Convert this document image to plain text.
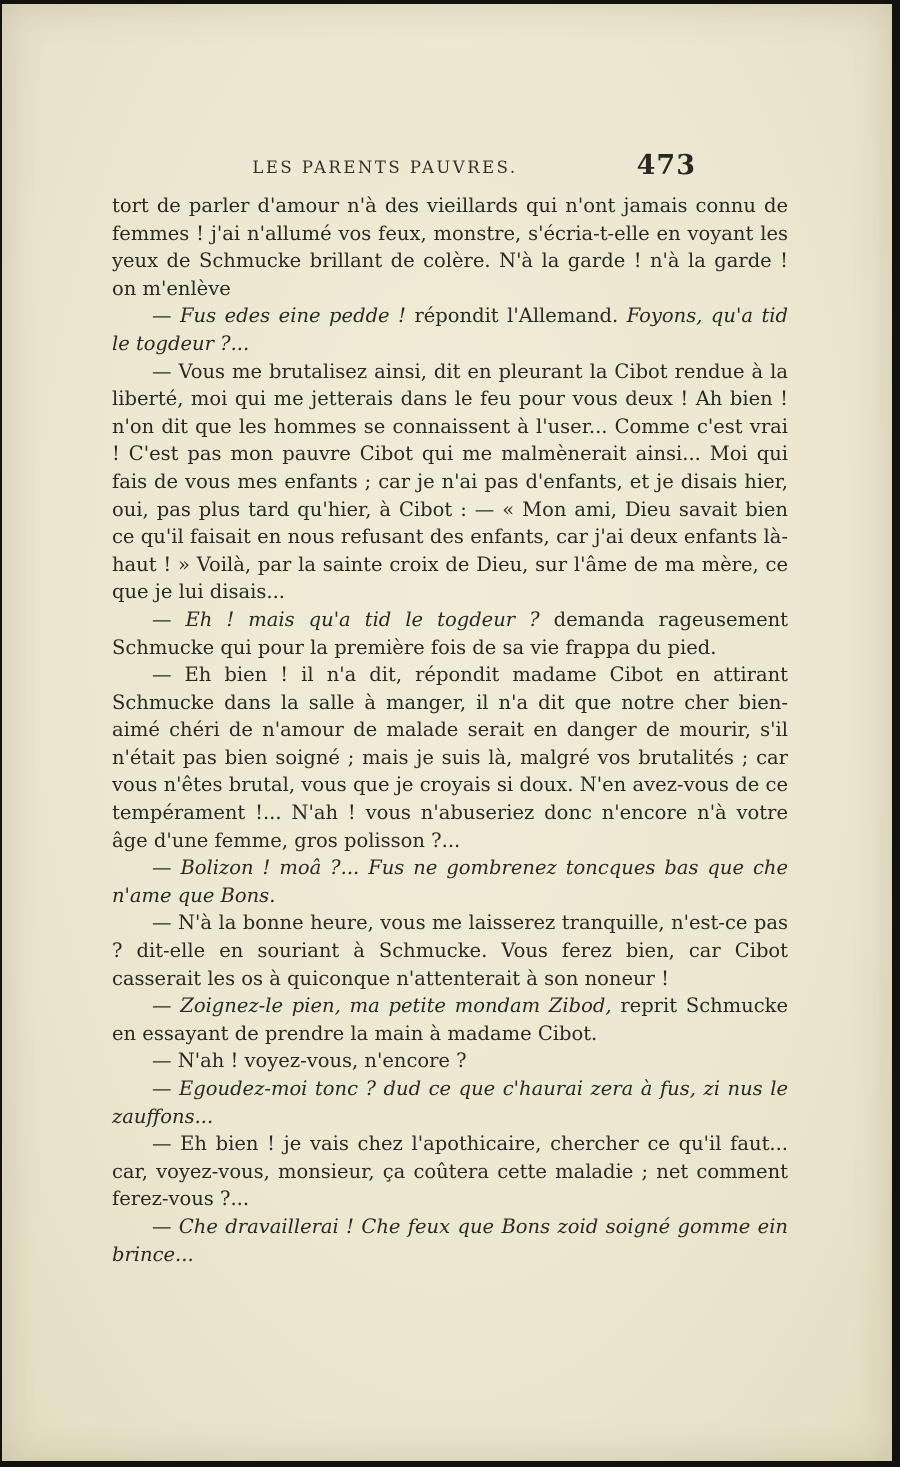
LES PARENTS PAUVRES.	473

tort de parler d'amour n'à des vieillards qui n'ont jamais connu de femmes ! j'ai n'allumé vos feux, monstre, s'écria-t-elle en voyant les yeux de Schmucke brillant de colère. N'à la garde ! n'à la garde ! on m'enlève

— Fus edes eine pedde ! répondit l'Allemand. Foyons, qu'a tid le togdeur ?...

— Vous me brutalisez ainsi, dit en pleurant la Cibot rendue à la liberté, moi qui me jetterais dans le feu pour vous deux ! Ah bien ! n'on dit que les hommes se connaissent à l'user... Comme c'est vrai ! C'est pas mon pauvre Cibot qui me malmènerait ainsi... Moi qui fais de vous mes enfants ; car je n'ai pas d'enfants, et je disais hier, oui, pas plus tard qu'hier, à Cibot : — « Mon ami, Dieu savait bien ce qu'il faisait en nous refusant des enfants, car j'ai deux enfants là-haut ! » Voilà, par la sainte croix de Dieu, sur l'âme de ma mère, ce que je lui disais...

— Eh ! mais qu'a tid le togdeur ? demanda rageusement Schmucke qui pour la première fois de sa vie frappa du pied.

— Eh bien ! il n'a dit, répondit madame Cibot en attirant Schmucke dans la salle à manger, il n'a dit que notre cher bien-aimé chéri de n'amour de malade serait en danger de mourir, s'il n'était pas bien soigné ; mais je suis là, malgré vos brutalités ; car vous n'êtes brutal, vous que je croyais si doux. N'en avez-vous de ce tempérament !... N'ah ! vous n'abuseriez donc n'encore n'à votre âge d'une femme, gros polisson ?...

— Bolizon ! moâ ?... Fus ne gombrenez toncques bas que che n'ame que Bons.

— N'à la bonne heure, vous me laisserez tranquille, n'est-ce pas ? dit-elle en souriant à Schmucke. Vous ferez bien, car Cibot casserait les os à quiconque n'attenterait à son noneur !

— Zoignez-le pien, ma petite mondam Zibod, reprit Schmucke en essayant de prendre la main à madame Cibot.

— N'ah ! voyez-vous, n'encore ?

— Egoudez-moi tonc ? dud ce que c'haurai zera à fus, zi nus le zauffons...

— Eh bien ! je vais chez l'apothicaire, chercher ce qu'il faut... car, voyez-vous, monsieur, ça coûtera cette maladie ; net comment ferez-vous ?...

— Che dravaillerai ! Che feux que Bons zoid soigné gomme ein brince...
